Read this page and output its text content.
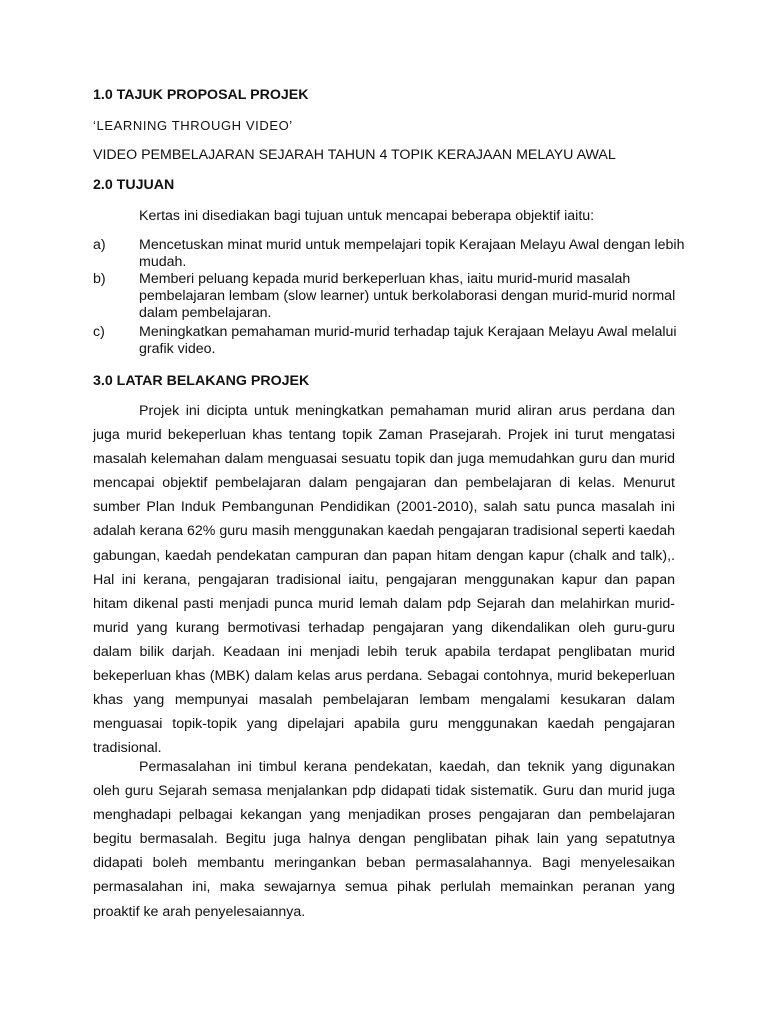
1.0 TAJUK PROPOSAL PROJEK
‘LEARNING THROUGH VIDEO’
VIDEO PEMBELAJARAN SEJARAH TAHUN 4 TOPIK KERAJAAN MELAYU AWAL
2.0 TUJUAN
Kertas ini disediakan bagi tujuan untuk mencapai beberapa objektif iaitu:
a) Mencetuskan minat murid untuk mempelajari topik Kerajaan Melayu Awal dengan lebih mudah.
b) Memberi peluang kepada murid berkeperluan khas, iaitu murid-murid masalah pembelajaran lembam (slow learner) untuk berkolaborasi dengan murid-murid normal dalam pembelajaran.
c) Meningkatkan pemahaman murid-murid terhadap tajuk Kerajaan Melayu Awal melalui grafik video.
3.0 LATAR BELAKANG PROJEK
Projek ini dicipta untuk meningkatkan pemahaman murid aliran arus perdana dan juga murid bekeperluan khas tentang topik Zaman Prasejarah. Projek ini turut mengatasi masalah kelemahan dalam menguasai sesuatu topik dan juga memudahkan guru dan murid mencapai objektif pembelajaran dalam pengajaran dan pembelajaran di kelas. Menurut sumber Plan Induk Pembangunan Pendidikan (2001-2010), salah satu punca masalah ini adalah kerana 62% guru masih menggunakan kaedah pengajaran tradisional seperti kaedah gabungan, kaedah pendekatan campuran dan papan hitam dengan kapur (chalk and talk),. Hal ini kerana, pengajaran tradisional iaitu, pengajaran menggunakan kapur dan papan hitam dikenal pasti menjadi punca murid lemah dalam pdp Sejarah dan melahirkan murid-murid yang kurang bermotivasi terhadap pengajaran yang dikendalikan oleh guru-guru dalam bilik darjah. Keadaan ini menjadi lebih teruk apabila terdapat penglibatan murid bekeperluan khas (MBK) dalam kelas arus perdana. Sebagai contohnya, murid bekeperluan khas yang mempunyai masalah pembelajaran lembam mengalami kesukaran dalam menguasai topik-topik yang dipelajari apabila guru menggunakan kaedah pengajaran tradisional.
Permasalahan ini timbul kerana pendekatan, kaedah, dan teknik yang digunakan oleh guru Sejarah semasa menjalankan pdp didapati tidak sistematik. Guru dan murid juga menghadapi pelbagai kekangan yang menjadikan proses pengajaran dan pembelajaran begitu bermasalah. Begitu juga halnya dengan penglibatan pihak lain yang sepatutnya didapati boleh membantu meringankan beban permasalahannya. Bagi menyelesaikan permasalahan ini, maka sewajarnya semua pihak perlulah memainkan peranan yang proaktif ke arah penyelesaiannya.
